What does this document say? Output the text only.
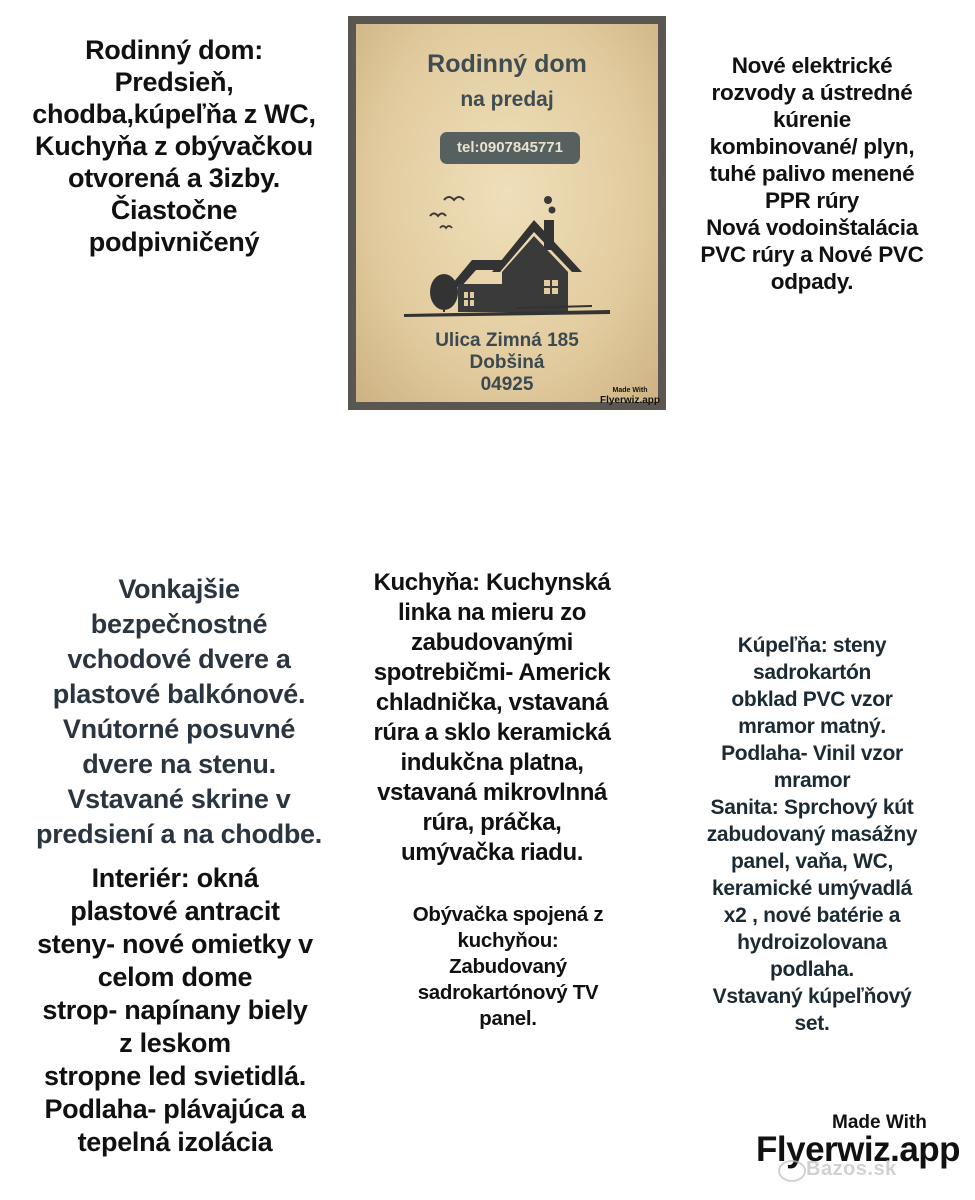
Rodinný dom:
Predsieň,
chodba,kúpeľňa z WC,
Kuchyňa z obývačkou
otvorená a 3izby.
Čiastočne
podpivničený

Rodinný dom

na predaj

tel:0907845771

Ulica Zimná 185
Dobšiná
04925	Made With
Flyerwiz.app

Nové elektrické
rozvody a ústredné
kúrenie
kombinované/ plyn,
tuhé palivo menené
PPR rúry
Nová vodoinštalácia
PVC rúry a Nové PVC
odpady.

Vonkajšie
bezpečnostné
vchodové dvere a
plastové balkónové.
Vnútorné posuvné
dvere na stenu.
Vstavané skrine v
predsiení a na chodbe.

Interiér: okná
plastové antracit
steny- nové omietky v
celom dome
strop- napínany biely
z leskom
stropne led svietidlá.
Podlaha- plávajúca a
tepelná izolácia

Kuchyňa: Kuchynská
linka na mieru zo
zabudovanými
spotrebičmi- Americk
chladnička, vstavaná
rúra a sklo keramická
indukčna platna,
vstavaná mikrovlnná
rúra, práčka,
umývačka riadu.

Obývačka spojená z
kuchyňou:
Zabudovaný
sadrokartónový TV
panel.

Kúpeľňa: steny
sadrokartón
obklad PVC vzor
mramor matný.
Podlaha- Vinil vzor
mramor
Sanita: Sprchový kút
zabudovaný masážny
panel, vaňa, WC,
keramické umývadlá
x2 , nové batérie a
hydroizolovana
podlaha.
Vstavaný kúpeľňový
set.

Made With
Flyerwiz.app
Bazos.sk
